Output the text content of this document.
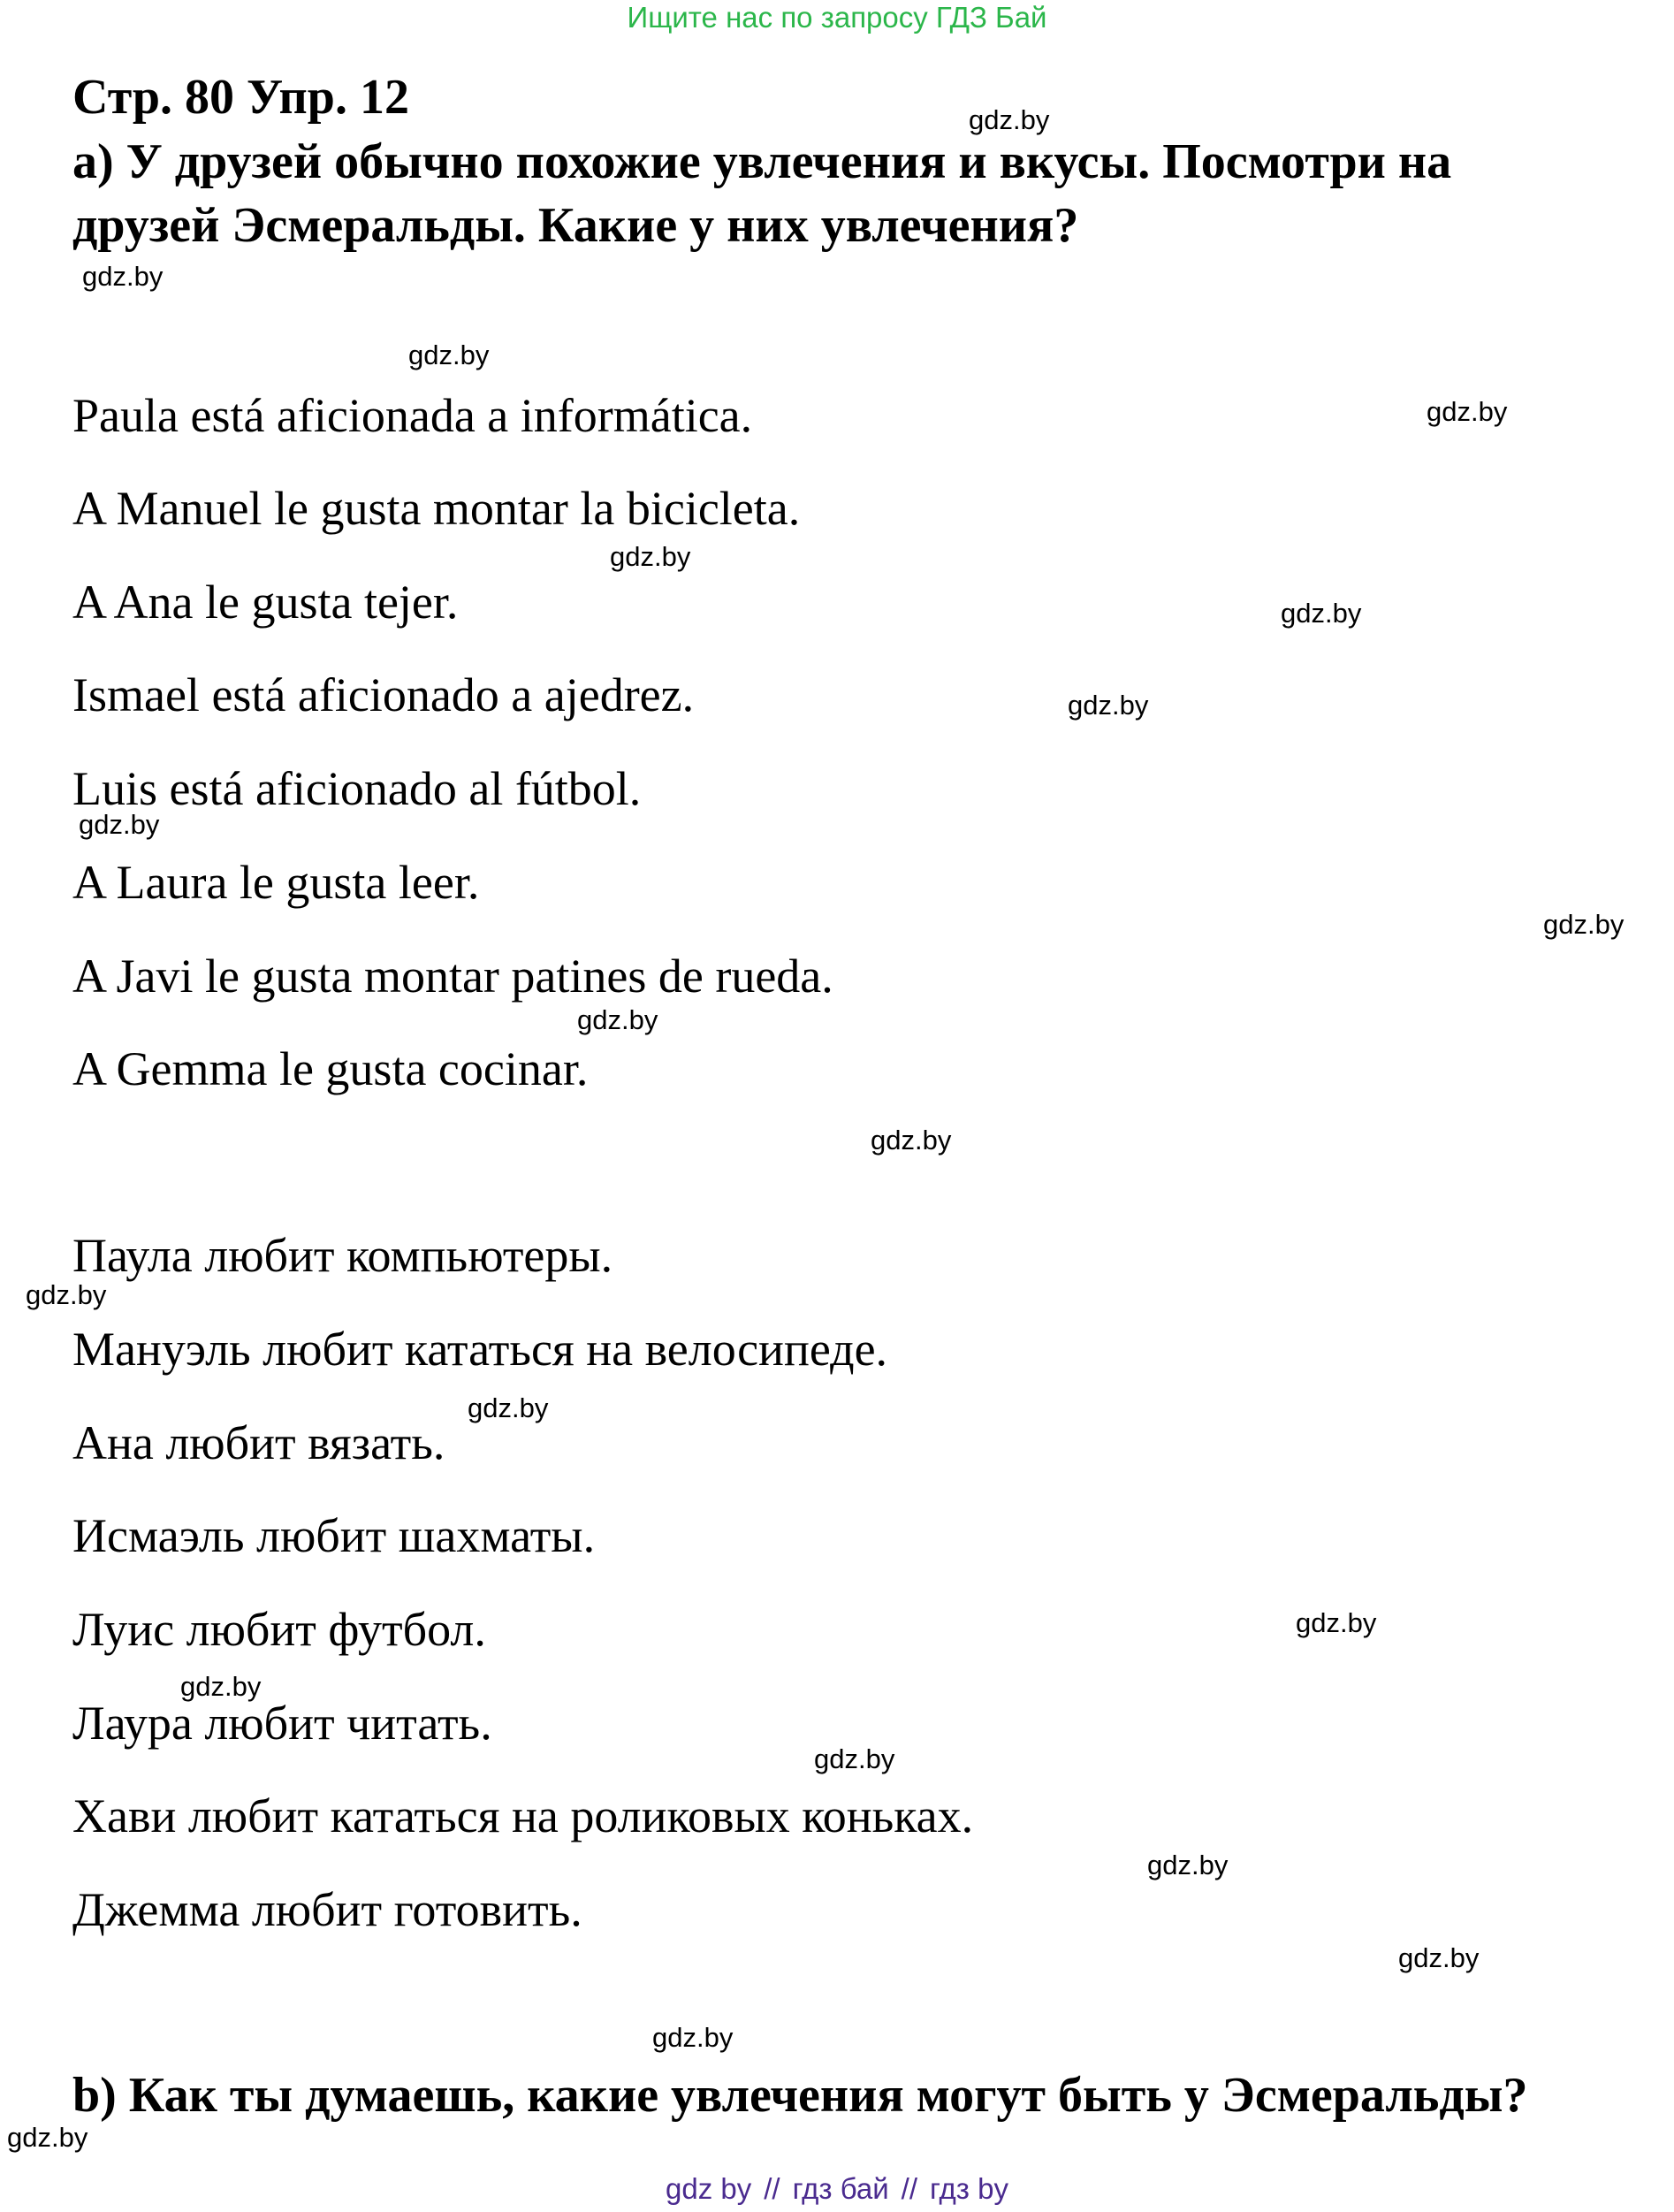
Ищите нас по запросу ГДЗ Бай
Стр. 80 Упр. 12
а) У друзей обычно похожие увлечения и вкусы. Посмотри на
друзей Эсмеральды. Какие у них увлечения?
Paula está aficionada a informática.
A Manuel le gusta montar la bicicleta.
A Ana le gusta tejer.
Ismael está aficionado a ajedrez.
Luis está aficionado al fútbol.
A Laura le gusta leer.
A Javi le gusta montar patines de rueda.
A Gemma le gusta cocinar.
Паула любит компьютеры.
Мануэль любит кататься на велосипеде.
Ана любит вязать.
Исмаэль любит шахматы.
Луис любит футбол.
Лаура любит читать.
Хави любит кататься на роликовых коньках.
Джемма любит готовить.
b) Как ты думаешь, какие увлечения могут быть у Эсмеральды?
gdz.by
gdz.by
gdz.by
gdz.by
gdz.by
gdz.by
gdz.by
gdz.by
gdz.by
gdz.by
gdz.by
gdz.by
gdz.by
gdz.by
gdz.by
gdz.by
gdz.by
gdz.by
gdz.by
gdz.by
gdz by // гдз бай // гдз by
